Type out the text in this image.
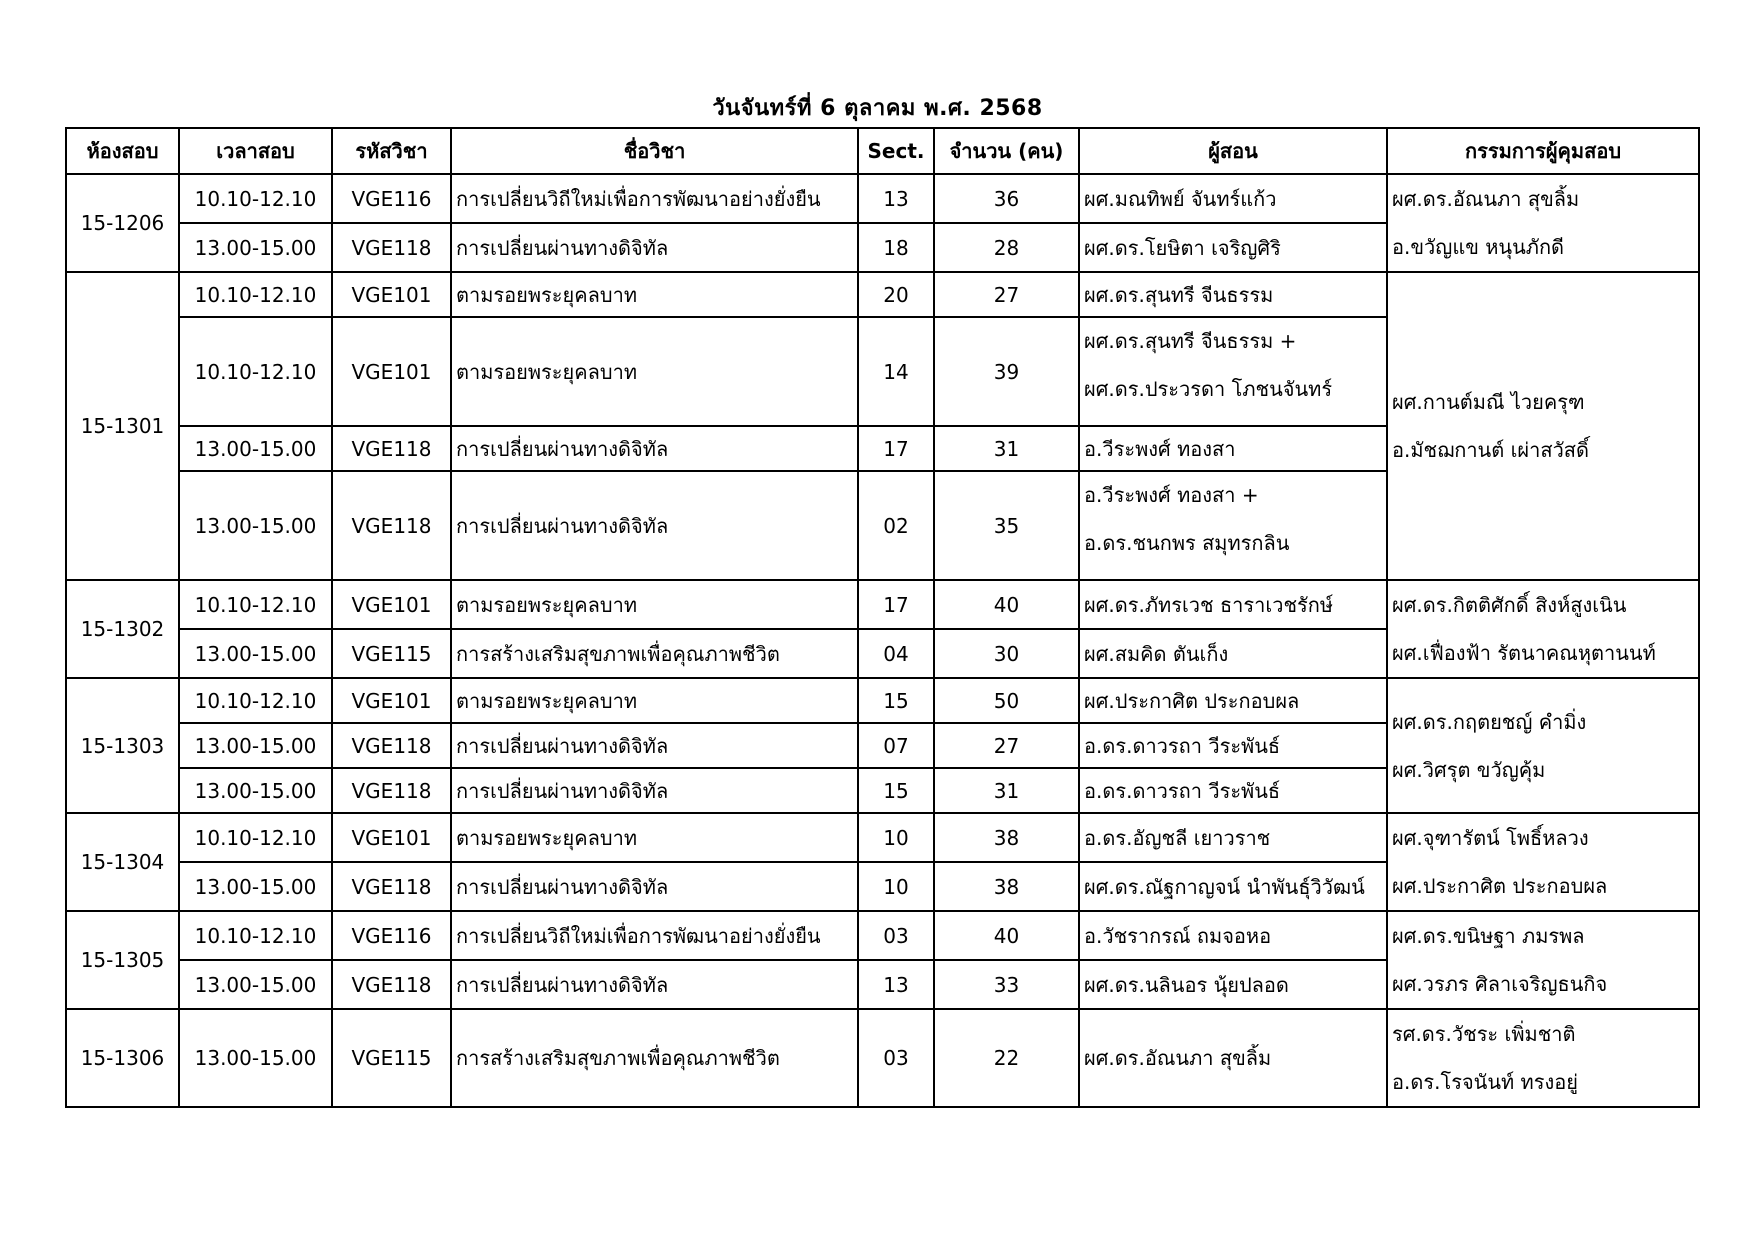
วันจันทร์ที่ 6 ตุลาคม พ.ศ. 2568
ห้องสอบ	เวลาสอบ	รหัสวิชา	ชื่อวิชา	Sect.	จำนวน (คน)	ผู้สอน	กรรมการผู้คุมสอบ
15-1206	10.10-12.10	VGE116	การเปลี่ยนวิถีใหม่เพื่อการพัฒนาอย่างยั่งยืน	13	36	ผศ.มณทิพย์ จันทร์แก้ว	ผศ.ดร.อัณนภา สุขลิ้ม
อ.ขวัญแข หนุนภักดี

	13.00-15.00	VGE118	การเปลี่ยนผ่านทางดิจิทัล	18	28	ผศ.ดร.โยษิตา เจริญศิริ	

15-1301	10.10-12.10	VGE101	ตามรอยพระยุคลบาท	20	27	ผศ.ดร.สุนทรี จีนธรรม	ผศ.กานต์มณี ไวยครุฑ
อ.มัชฌกานต์ เผ่าสวัสดิ์

	10.10-12.10	VGE101	ตามรอยพระยุคลบาท	14	39	ผศ.ดร.สุนทรี จีนธรรม +
ผศ.ดร.ประวรดา โภชนจันทร์	

	13.00-15.00	VGE118	การเปลี่ยนผ่านทางดิจิทัล	17	31	อ.วีระพงศ์ ทองสา	

	13.00-15.00	VGE118	การเปลี่ยนผ่านทางดิจิทัล	02	35	อ.วีระพงศ์ ทองสา +
อ.ดร.ชนกพร สมุทรกลิน	

15-1302	10.10-12.10	VGE101	ตามรอยพระยุคลบาท	17	40	ผศ.ดร.ภัทรเวช ธาราเวชรักษ์	ผศ.ดร.กิตติศักดิ์ สิงห์สูงเนิน
ผศ.เฟื่องฟ้า รัตนาคณหุตานนท์

	13.00-15.00	VGE115	การสร้างเสริมสุขภาพเพื่อคุณภาพชีวิต	04	30	ผศ.สมคิด ตันเก็ง	

15-1303	10.10-12.10	VGE101	ตามรอยพระยุคลบาท	15	50	ผศ.ประกาศิต ประกอบผล	ผศ.ดร.กฤตยชญ์ คำมิ่ง
ผศ.วิศรุต ขวัญคุ้ม

	13.00-15.00	VGE118	การเปลี่ยนผ่านทางดิจิทัล	07	27	อ.ดร.ดาวรถา วีระพันธ์	

	13.00-15.00	VGE118	การเปลี่ยนผ่านทางดิจิทัล	15	31	อ.ดร.ดาวรถา วีระพันธ์	

15-1304	10.10-12.10	VGE101	ตามรอยพระยุคลบาท	10	38	อ.ดร.อัญชลี เยาวราช	ผศ.จุฑารัตน์ โพธิ์หลวง
ผศ.ประกาศิต ประกอบผล

	13.00-15.00	VGE118	การเปลี่ยนผ่านทางดิจิทัล	10	38	ผศ.ดร.ณัฐกาญจน์ นำพันธุ์วิวัฒน์	

15-1305	10.10-12.10	VGE116	การเปลี่ยนวิถีใหม่เพื่อการพัฒนาอย่างยั่งยืน	03	40	อ.วัชรากรณ์ ถมจอหอ	ผศ.ดร.ขนิษฐา ภมรพล
ผศ.วรภร ศิลาเจริญธนกิจ

	13.00-15.00	VGE118	การเปลี่ยนผ่านทางดิจิทัล	13	33	ผศ.ดร.นลินอร นุ้ยปลอด	

15-1306	13.00-15.00	VGE115	การสร้างเสริมสุขภาพเพื่อคุณภาพชีวิต	03	22	ผศ.ดร.อัณนภา สุขลิ้ม	รศ.ดร.วัชระ เพิ่มชาติ
อ.ดร.โรจนันท์ ทรงอยู่
